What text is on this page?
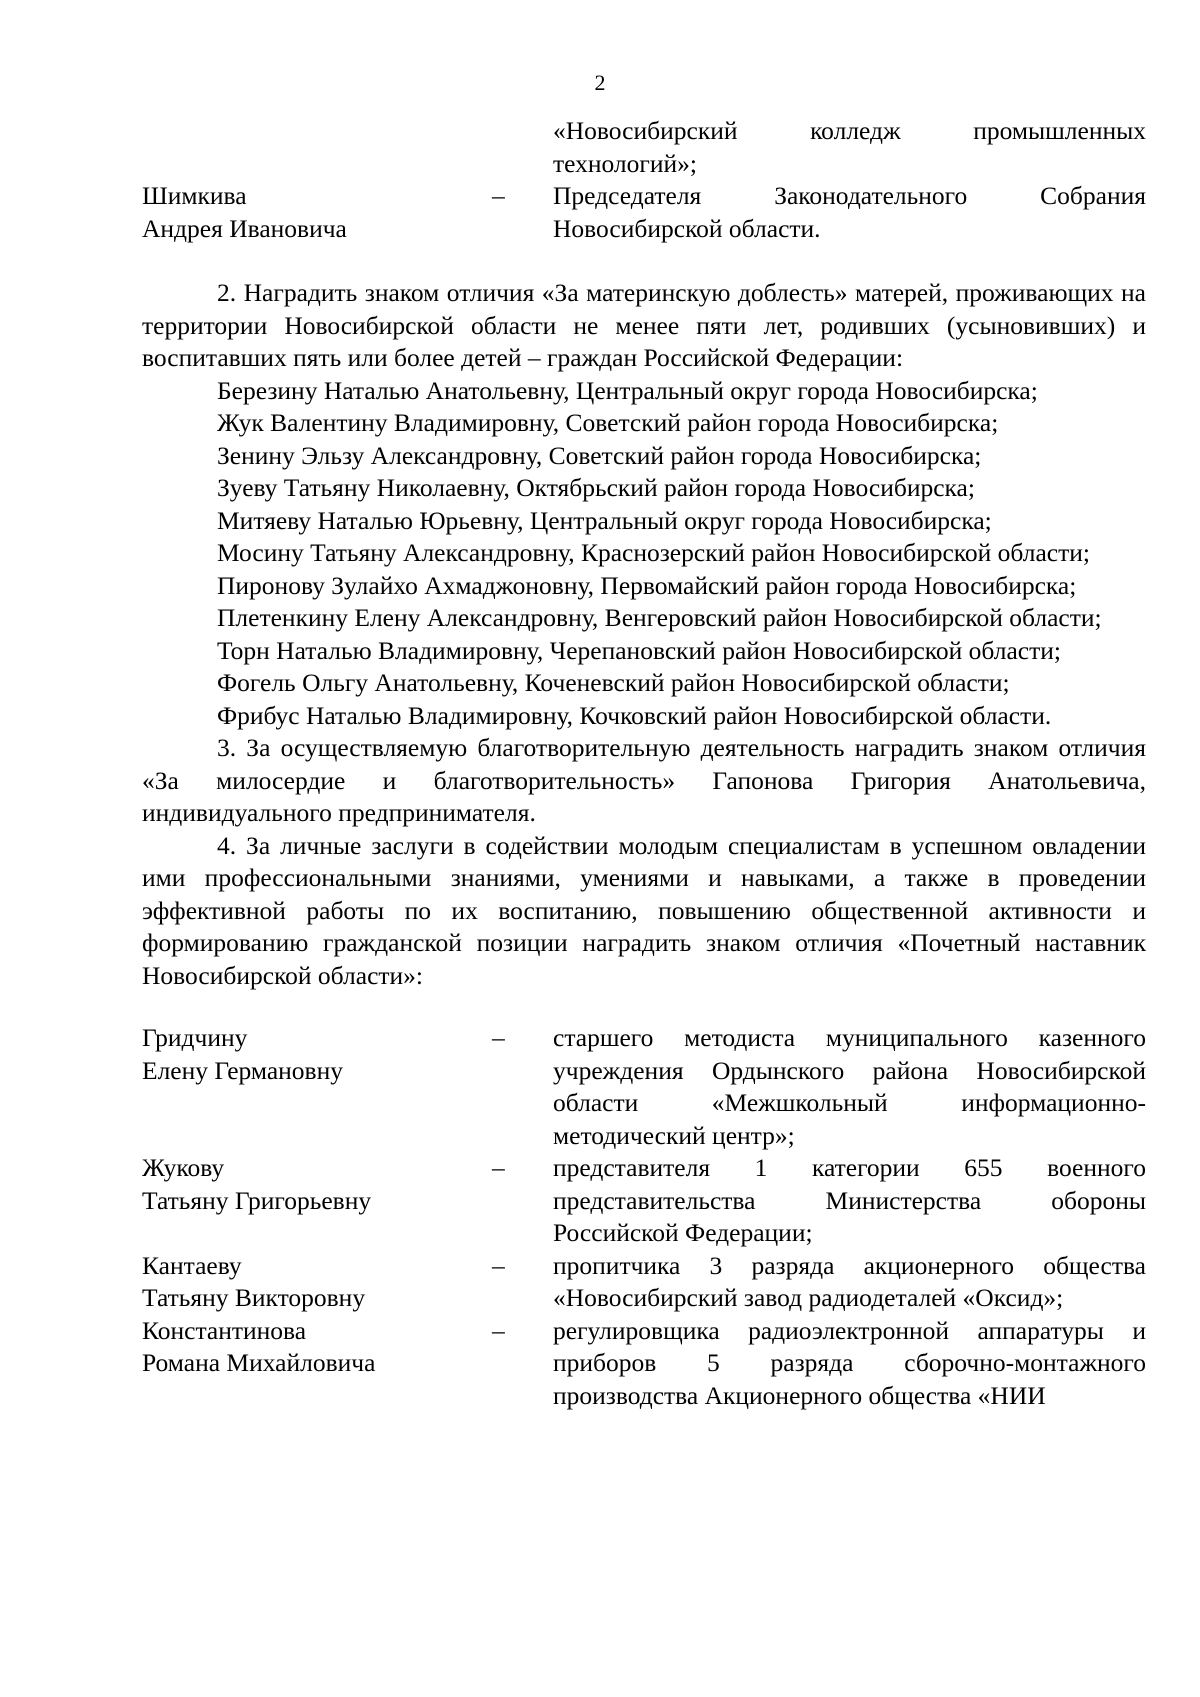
2
«Новосибирский колледж промышленных
технологий»;
Шимкива
Андрея Ивановича
–	Председателя Законодательного Собрания
Новосибирской области.
2. Наградить знаком отличия «За материнскую доблесть» матерей, проживающих на территории Новосибирской области не менее пяти лет, родивших (усыновивших) и воспитавших пять или более детей – граждан Российской Федерации:
Березину Наталью Анатольевну, Центральный округ города Новосибирска;
Жук Валентину Владимировну, Советский район города Новосибирска;
Зенину Эльзу Александровну, Советский район города Новосибирска;
Зуеву Татьяну Николаевну, Октябрьский район города Новосибирска;
Митяеву Наталью Юрьевну, Центральный округ города Новосибирска;
Мосину Татьяну Александровну, Краснозерский район Новосибирской области;
Пиронову Зулайхо Ахмаджоновну, Первомайский район города Новосибирска;
Плетенкину Елену Александровну, Венгеровский район Новосибирской области;
Торн Наталью Владимировну, Черепановский район Новосибирской области;
Фогель Ольгу Анатольевну, Коченевский район Новосибирской области;
Фрибус Наталью Владимировну, Кочковский район Новосибирской области.
3. За осуществляемую благотворительную деятельность наградить знаком отличия «За милосердие и благотворительность» Гапонова Григория Анатольевича, индивидуального предпринимателя.
4. За личные заслуги в содействии молодым специалистам в успешном овладении ими профессиональными знаниями, умениями и навыками, а также в проведении эффективной работы по их воспитанию, повышению общественной активности и формированию гражданской позиции наградить знаком отличия «Почетный наставник Новосибирской области»:
Гридчину
Елену Германовну
–	старшего методиста муниципального казенного учреждения Ордынского района Новосибирской области «Межшкольный информационно-методический центр»;
Жукову
Татьяну Григорьевну
–	представителя 1 категории 655 военного представительства Министерства обороны Российской Федерации;
Кантаеву
Татьяну Викторовну
–	пропитчика 3 разряда акционерного общества «Новосибирский завод радиодеталей «Оксид»;
Константинова
Романа Михайловича
–	регулировщика радиоэлектронной аппаратуры и приборов 5 разряда сборочно-монтажного производства Акционерного общества «НИИ
